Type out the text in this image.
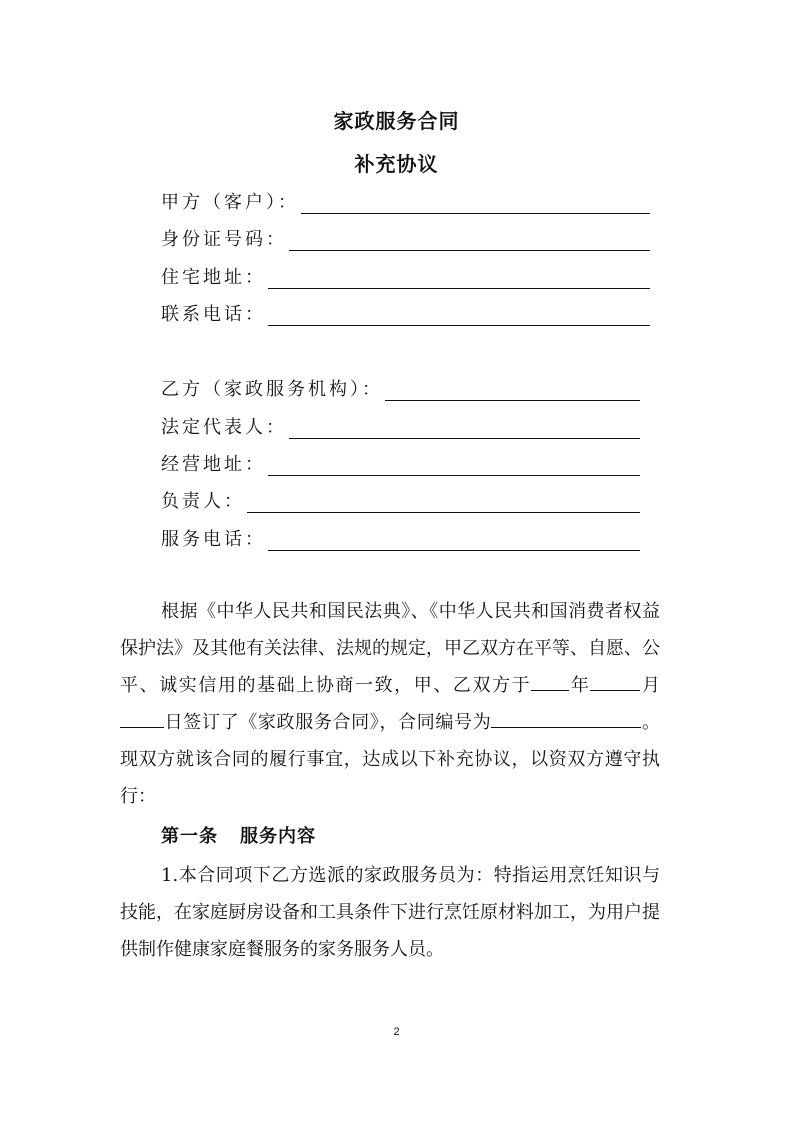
家政服务合同
补充协议
甲方（客户）：
身份证号码：
住宅地址：
联系电话：
乙方（家政服务机构）：
法定代表人：
经营地址：
负责人：
服务电话：

根据《中华人民共和国民法典》、《中华人民共和国消费者权益保护法》及其他有关法律、法规的规定，甲乙双方在平等、自愿、公平、诚实信用的基础上协商一致，甲、乙双方于 年	月日签订了《家政服务合同》，合同编号为	。现双方就该合同的履行事宜，达成以下补充协议，以资双方遵守执行：

第一条 服务内容

1.本合同项下乙方选派的家政服务员为：特指运用烹饪知识与技能，在家庭厨房设备和工具条件下进行烹饪原材料加工，为用户提供制作健康家庭餐服务的家务服务人员。

2
